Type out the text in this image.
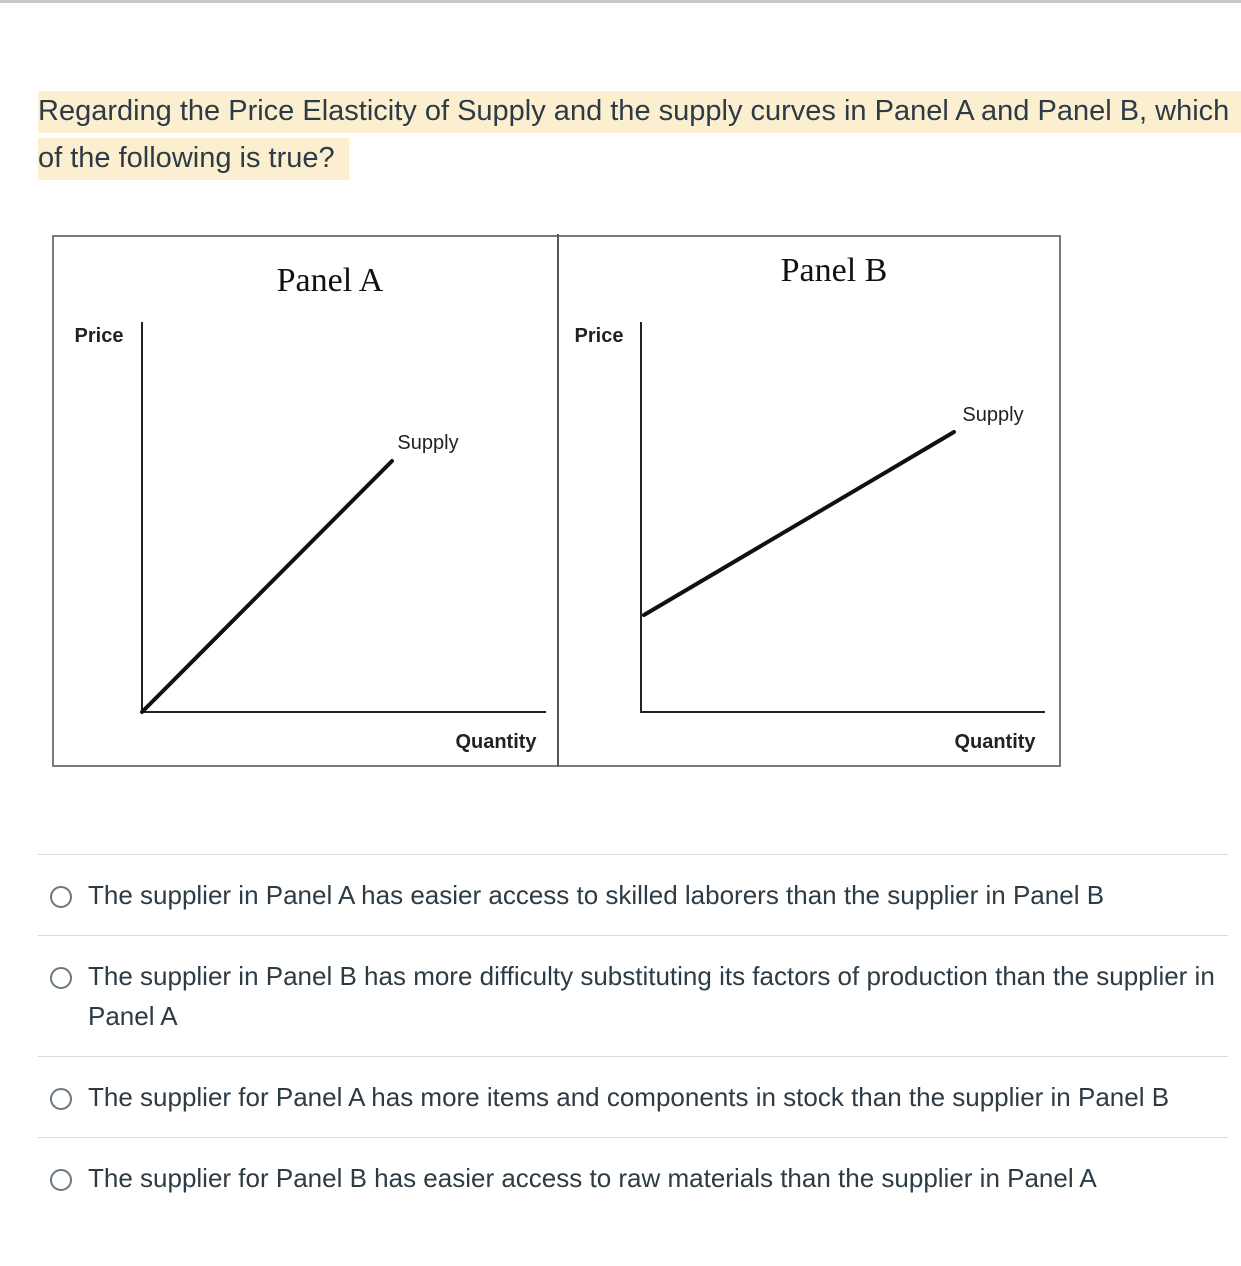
Regarding the Price Elasticity of Supply and the supply curves in Panel A and Panel B, which of the following is true?
Panel A
Price
Supply
Quantity
Panel B
Price
Supply
Quantity
The supplier in Panel A has easier access to skilled laborers than the supplier in Panel B
The supplier in Panel B has more difficulty substituting its factors of production than the supplier in Panel A
The supplier for Panel A has more items and components in stock than the supplier in Panel B
The supplier for Panel B has easier access to raw materials than the supplier in Panel A
